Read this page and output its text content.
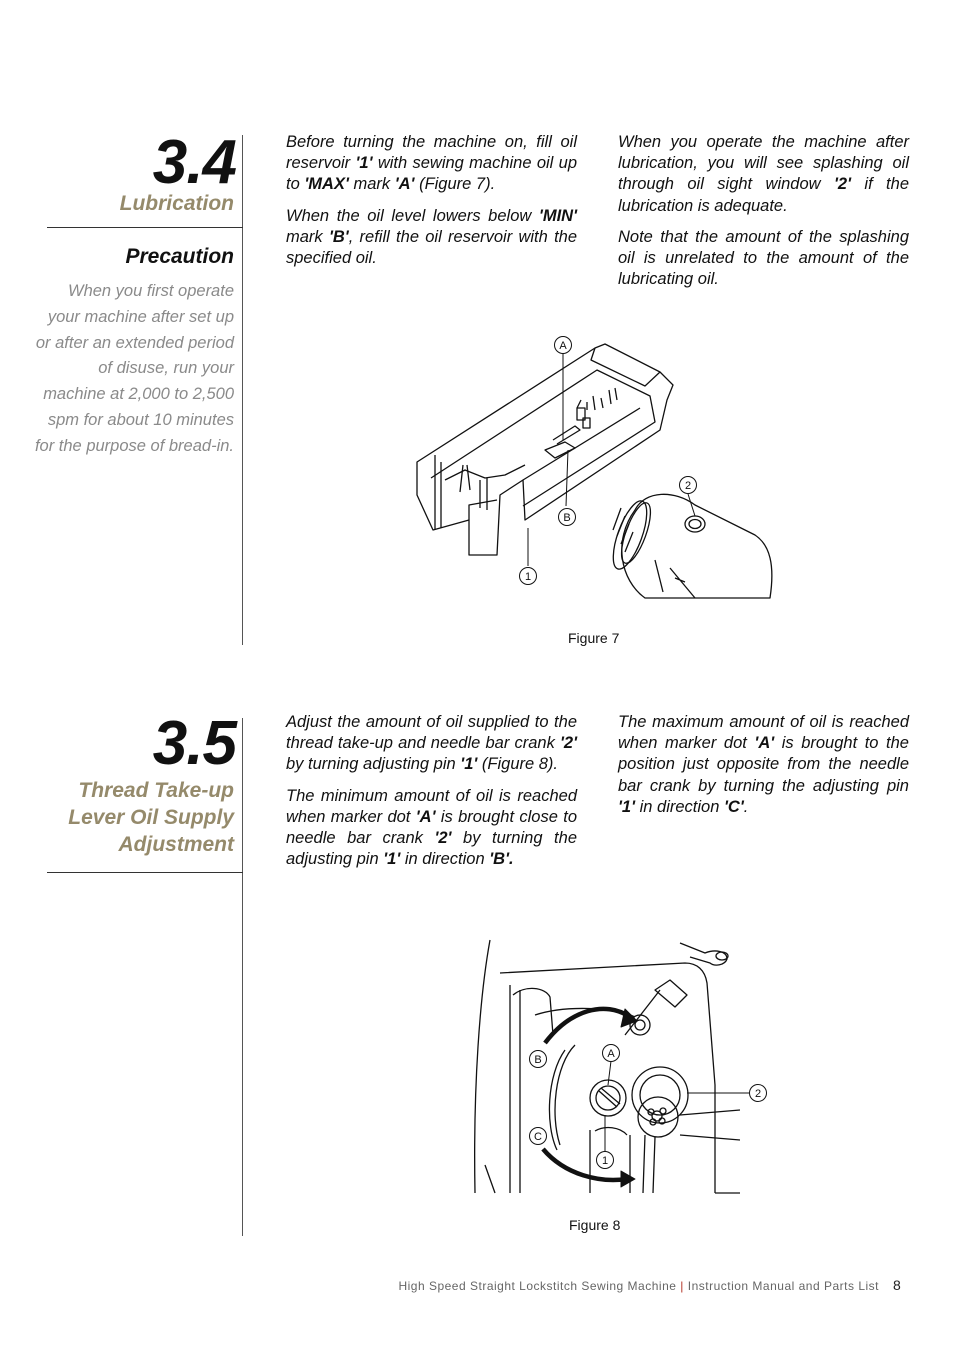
3.4
Lubrication
Precaution
When you first operate your machine after set up or after an extended period of disuse, run your machine at 2,000 to 2,500 spm for about 10 minutes for the purpose of bread-in.

Before turning the machine on, fill oil reservoir '1' with sewing machine oil up to 'MAX' mark 'A' (Figure 7).

When the oil level lowers below 'MIN' mark 'B', refill the oil reservoir with the specified oil.

When you operate the machine after lubrication, you will see splashing oil through oil sight window '2' if the lubrication is adequate.

Note that the amount of the splashing oil is unrelated to the amount of the lubricating oil.

A
B
1
2
Figure 7
3.5
Thread Take-up
Lever Oil Supply
Adjustment

Adjust the amount of oil supplied to the thread take-up and needle bar crank '2' by turning adjusting pin '1' (Figure 8).

The minimum amount of oil is reached when marker dot 'A' is brought close to needle bar crank '2' by turning the adjusting pin '1' in direction 'B'.

The maximum amount of oil is reached when marker dot 'A' is brought to the position just opposite from the needle bar crank by turning the adjusting pin '1' in direction 'C'.

A
B
C
1
2
Figure 8
High Speed Straight Lockstitch Sewing Machine | Instruction Manual and Parts List 8
